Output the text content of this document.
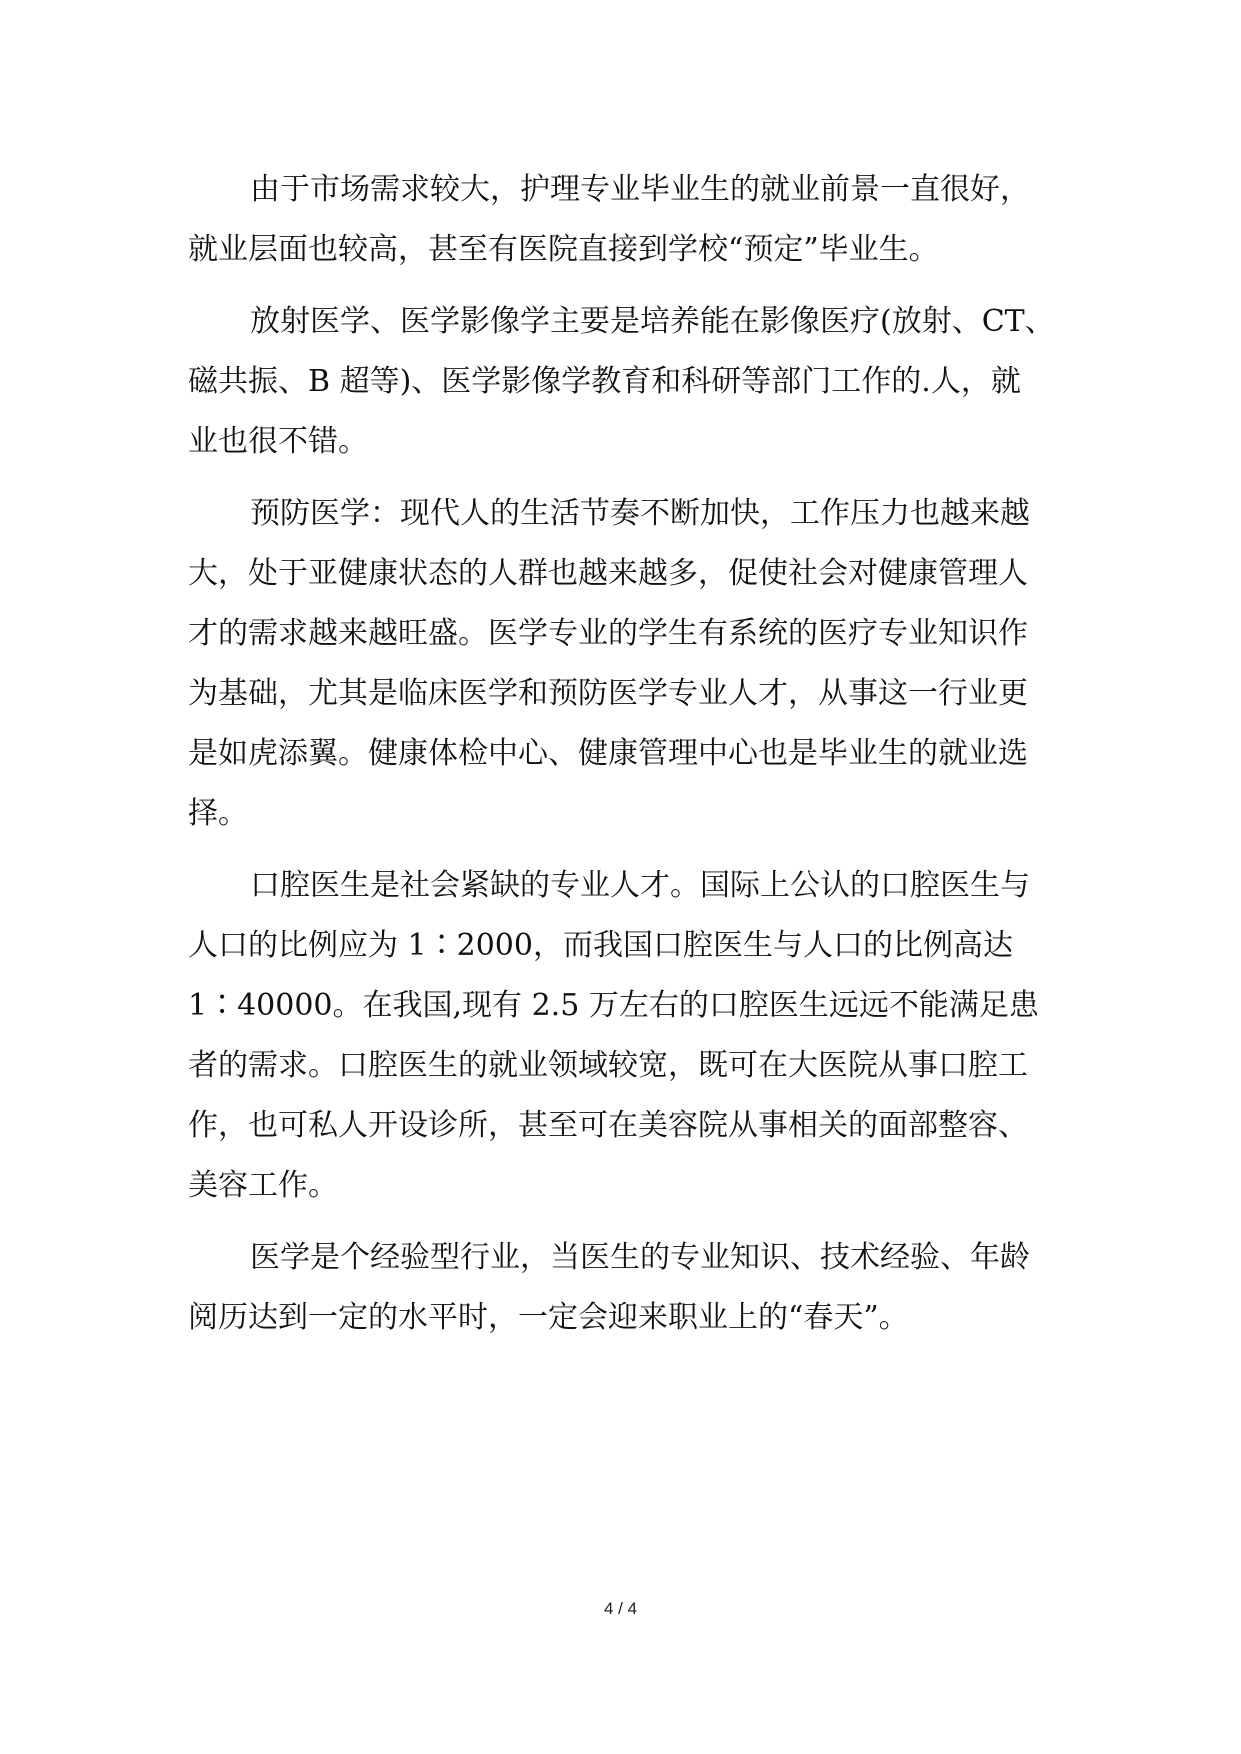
由于市场需求较大，护理专业毕业生的就业前景一直很好，
就业层面也较高，甚至有医院直接到学校“预定”毕业生。
放射医学、医学影像学主要是培养能在影像医疗(放射、CT、
磁共振、B 超等)、医学影像学教育和科研等部门工作的.人，就
业也很不错。
预防医学：现代人的生活节奏不断加快，工作压力也越来越
大，处于亚健康状态的人群也越来越多，促使社会对健康管理人
才的需求越来越旺盛。医学专业的学生有系统的医疗专业知识作
为基础，尤其是临床医学和预防医学专业人才，从事这一行业更
是如虎添翼。健康体检中心、健康管理中心也是毕业生的就业选
择。
口腔医生是社会紧缺的专业人才。国际上公认的口腔医生与
人口的比例应为 1∶2000，而我国口腔医生与人口的比例高达
1∶40000。在我国,现有 2.5 万左右的口腔医生远远不能满足患
者的需求。口腔医生的就业领域较宽，既可在大医院从事口腔工
作，也可私人开设诊所，甚至可在美容院从事相关的面部整容、
美容工作。
医学是个经验型行业，当医生的专业知识、技术经验、年龄
阅历达到一定的水平时，一定会迎来职业上的“春天”。
4 / 4
